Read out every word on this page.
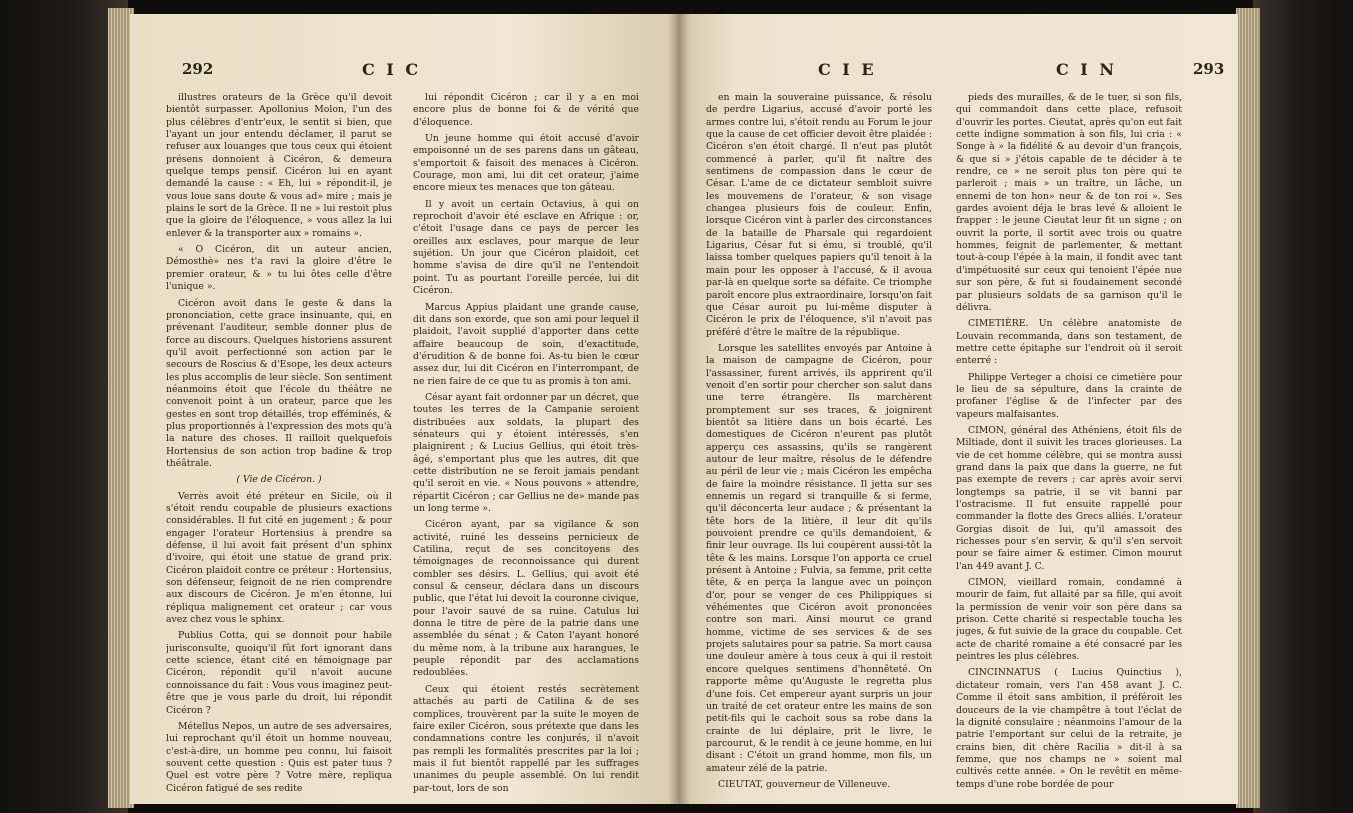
292	C I C

illustres orateurs de la Grèce qu'il devoit bientôt surpasser. Apollonius Molon, l'un des plus célèbres d'entr'eux, le sentit si bien, que l'ayant un jour entendu déclamer, il parut se refuser aux louanges que tous ceux qui étoient présens donnoient à Cicéron, & demeura quelque temps pensif. Cicéron lui en ayant demandé la cause : « Eh, lui » répondit-il, je vous loue sans doute & vous ad» mire ; mais je plains le sort de la Grèce. Il ne » lui restoit plus que la gloire de l'éloquence, » vous allez la lui enlever & la transporter aux » romains ».

« O Cicéron, dit un auteur ancien, Démosthè» nes t'a ravi la gloire d'être le premier orateur, & » tu lui ôtes celle d'être l'unique ».

Cicéron avoit dans le geste & dans la prononciation, cette grace insinuante, qui, en prévenant l'auditeur, semble donner plus de force au discours. Quelques historiens assurent qu'il avoit perfectionné son action par le secours de Roscius & d'Esope, les deux acteurs les plus accomplis de leur siècle. Son sentiment néanmoins étoit que l'école du théâtre ne convenoit point à un orateur, parce que les gestes en sont trop détaillés, trop efféminés, & plus proportionnés à l'expression des mots qu'à la nature des choses. Il railloit quelquefois Hortensius de son action trop badine & trop théâtrale.

( Vie de Cicéron. )

Verrès avoit été préteur en Sicile, où il s'étoit rendu coupable de plusieurs exactions considérables. Il fut cité en jugement ; & pour engager l'orateur Hortensius à prendre sa défense, il lui avoit fait présent d'un sphinx d'ivoire, qui étoit une statue de grand prix. Cicéron plaidoit contre ce préteur : Hortensius, son défenseur, feignoit de ne rien comprendre aux discours de Cicéron. Je m'en étonne, lui répliqua malignement cet orateur ; car vous avez chez vous le sphinx.

Publius Cotta, qui se donnoit pour habile jurisconsulte, quoiqu'il fût fort ignorant dans cette science, étant cité en témoignage par Cicéron, répondit qu'il n'avoit aucune connoissance du fait : Vous vous imaginez peut-être que je vous parle du droit, lui répondit Cicéron ?

Métellus Nepos, un autre de ses adversaires, lui reprochant qu'il étoit un homme nouveau, c'est-à-dire, un homme peu connu, lui faisoit souvent cette question : Quis est pater tuus ? Quel est votre père ? Votre mère, repliqua Cicéron fatigué de ses redite

lui répondit Cicéron ; car il y a en moi encore plus de bonne foi & de vérité que d'éloquence.

Un jeune homme qui étoit accusé d'avoir empoisonné un de ses parens dans un gâteau, s'emportoit & faisoit des menaces à Cicéron. Courage, mon ami, lui dit cet orateur, j'aime encore mieux tes menaces que ton gâteau.

Il y avoit un certain Octavius, à qui on reprochoit d'avoir été esclave en Afrique : or, c'étoit l'usage dans ce pays de percer les oreilles aux esclaves, pour marque de leur sujétion. Un jour que Cicéron plaidoit, cet homme s'avisa de dire qu'il ne l'entendoit point. Tu as pourtant l'oreille percée, lui dit Cicéron.

Marcus Appius plaidant une grande cause, dit dans son exorde, que son ami pour lequel il plaidoit, l'avoit supplié d'apporter dans cette affaire beaucoup de soin, d'exactitude, d'érudition & de bonne foi. As-tu bien le cœur assez dur, lui dit Cicéron en l'interrompant, de ne rien faire de ce que tu as promis à ton ami.

César ayant fait ordonner par un décret, que toutes les terres de la Campanie seroient distribuées aux soldats, la plupart des sénateurs qui y étoient intéressés, s'en plaignirent ; & Lucius Gellius, qui étoit très-âgé, s'emportant plus que les autres, dit que cette distribution ne se feroit jamais pendant qu'il seroit en vie. « Nous pouvons » attendre, répartit Cicéron ; car Gellius ne de» mande pas un long terme ».

Cicéron ayant, par sa vigilance & son activité, ruiné les desseins pernicieux de Catilina, reçut de ses concitoyens des témoignages de reconnoissance qui durent combler ses désirs. L. Gellius, qui avoit été consul & censeur, déclara dans un discours public, que l'état lui devoit la couronne civique, pour l'avoir sauvé de sa ruine. Catulus lui donna le titre de père de la patrie dans une assemblée du sénat ; & Caton l'ayant honoré du même nom, à la tribune aux harangues, le peuple répondit par des acclamations redoublées.

Ceux qui étoient restés secrètement attachés au parti de Catilina & de ses complices, trouvèrent par la suite le moyen de faire exiler Cicéron, sous prétexte que dans les condamnations contre les conjurés, il n'avoit pas rempli les formalités prescrites par la loi ; mais il fut bientôt rappellé par les suffrages unanimes du peuple assemblé. On lui rendit par-tout, lors de son

C I E	C I N	293

en main la souveraine puissance, & résolu de perdre Ligarius, accusé d'avoir porté les armes contre lui, s'étoit rendu au Forum le jour que la cause de cet officier devoit être plaidée : Cicéron s'en étoit chargé. Il n'eut pas plutôt commencé à parler, qu'il fit naître des sentimens de compassion dans le cœur de César. L'ame de ce dictateur sembloit suivre les mouvemens de l'orateur, & son visage changea plusieurs fois de couleur. Enfin, lorsque Cicéron vint à parler des circonstances de la bataille de Pharsale qui regardoient Ligarius, César fut si ému, si troublé, qu'il laissa tomber quelques papiers qu'il tenoit à la main pour les opposer à l'accusé, & il avoua par-là en quelque sorte sa défaite. Ce triomphe paroît encore plus extraordinaire, lorsqu'on fait que César auroit pu lui-même disputer à Cicéron le prix de l'éloquence, s'il n'avoit pas préféré d'être le maître de la république.

Lorsque les satellites envoyés par Antoine à la maison de campagne de Cicéron, pour l'assassiner, furent arrivés, ils apprirent qu'il venoit d'en sortir pour chercher son salut dans une terre étrangère. Ils marchèrent promptement sur ses traces, & joignirent bientôt sa litière dans un bois écarté. Les domestiques de Cicéron n'eurent pas plutôt apperçu ces assassins, qu'ils se rangèrent autour de leur maître, résolus de le défendre au péril de leur vie ; mais Cicéron les empêcha de faire la moindre résistance. Il jetta sur ses ennemis un regard si tranquille & si ferme, qu'il déconcerta leur audace ; & présentant la tête hors de la litière, il leur dit qu'ils pouvoient prendre ce qu'ils demandoient, & finir leur ouvrage. Ils lui coupèrent aussi-tôt la tête & les mains. Lorsque l'on apporta ce cruel présent à Antoine ; Fulvia, sa femme, prit cette tête, & en perça la langue avec un poinçon d'or, pour se venger de ces Philippiques si véhémentes que Cicéron avoit prononcées contre son mari. Ainsi mourut ce grand homme, victime de ses services & de ses projets salutaires pour sa patrie. Sa mort causa une douleur amère à tous ceux à qui il restoit encore quelques sentimens d'honnêteté. On rapporte même qu'Auguste le regretta plus d'une fois. Cet empereur ayant surpris un jour un traité de cet orateur entre les mains de son petit-fils qui le cachoit sous sa robe dans la crainte de lui déplaire, prit le livre, le parcourut, & le rendit à ce jeune homme, en lui disant : C'étoit un grand homme, mon fils, un amateur zélé de la patrie.

CIEUTAT, gouverneur de Villeneuve.

pieds des murailles, & de le tuer, si son fils, qui commandoit dans cette place, refusoit d'ouvrir les portes. Cieutat, après qu'on eut fait cette indigne sommation à son fils, lui cria : « Songe à » la fidélité & au devoir d'un françois, & que si » j'étois capable de te décider à te rendre, ce » ne seroit plus ton père qui te parleroit ; mais » un traître, un lâche, un ennemi de ton hon» neur & de ton roi ». Ses gardes avoient déja le bras levé & alloient le frapper : le jeune Cieutat leur fit un signe ; on ouvrit la porte, il sortit avec trois ou quatre hommes, feignit de parlementer, & mettant tout-à-coup l'épée à la main, il fondit avec tant d'impétuosité sur ceux qui tenoient l'épée nue sur son père, & fut si foudainement secondé par plusieurs soldats de sa garnison qu'il le délivra.

CIMETIÈRE. Un célèbre anatomiste de Louvain recommanda, dans son testament, de mettre cette épitaphe sur l'endroit où il seroit enterré :

Philippe Verteger a choisi ce cimetière pour le lieu de sa sépulture, dans la crainte de profaner l'église & de l'infecter par des vapeurs malfaisantes.

CIMON, général des Athéniens, étoit fils de Miltiade, dont il suivit les traces glorieuses. La vie de cet homme célèbre, qui se montra aussi grand dans la paix que dans la guerre, ne fut pas exempte de revers ; car après avoir servi longtemps sa patrie, il se vit banni par l'ostracisme. Il fut ensuite rappellé pour commander la flotte des Grecs alliés. L'orateur Gorgias disoit de lui, qu'il amassoit des richesses pour s'en servir, & qu'il s'en servoit pour se faire aimer & estimer. Cimon mourut l'an 449 avant J. C.

CIMON, vieillard romain, condamné à mourir de faim, fut allaité par sa fille, qui avoit la permission de venir voir son père dans sa prison. Cette charité si respectable toucha les juges, & fut suivie de la grace du coupable. Cet acte de charité romaine a été consacré par les peintres les plus célèbres.

CINCINNATUS ( Lucius Quinctius ), dictateur romain, vers l'an 458 avant J. C. Comme il étoit sans ambition, il préféroit les douceurs de la vie champêtre à tout l'éclat de la dignité consulaire ; néanmoins l'amour de la patrie l'emportant sur celui de la retraite, je crains bien, dit chère Racilia » dit-il à sa femme, que nos champs ne » soient mal cultivés cette année. » On le revêtit en même-temps d'une robe bordée de pour
